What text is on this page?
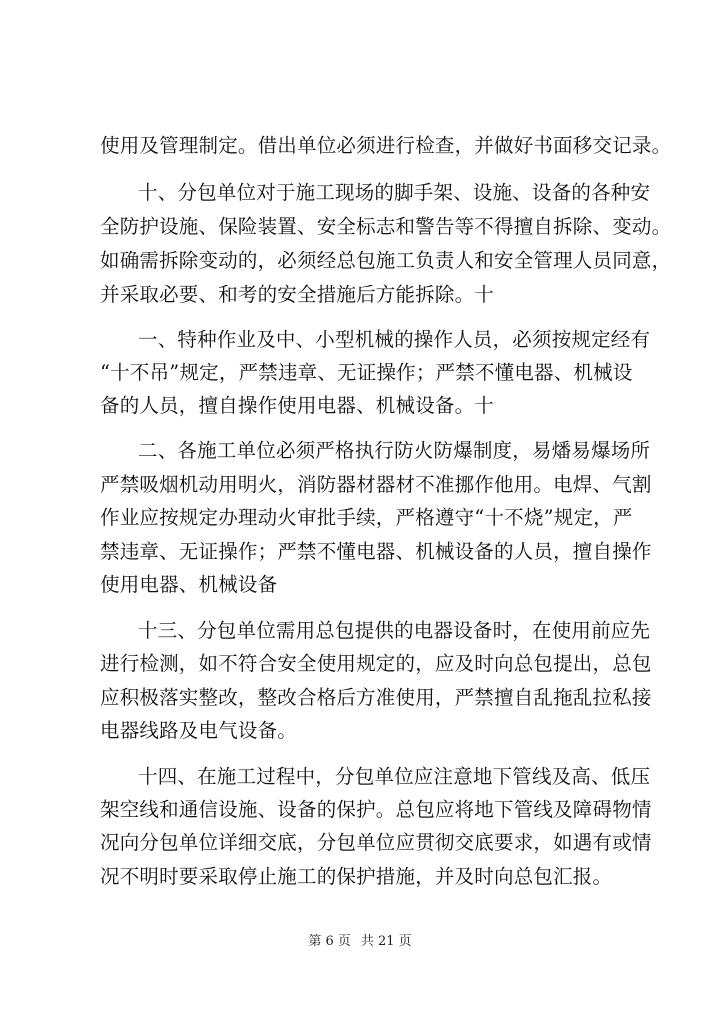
使用及管理制定。借出单位必须进行检查，并做好书面移交记录。

十、分包单位对于施工现场的脚手架、设施、设备的各种安

全防护设施、保险装置、安全标志和警告等不得擅自拆除、变动。

如确需拆除变动的，必须经总包施工负责人和安全管理人员同意，

并采取必要、和考的安全措施后方能拆除。十

一、特种作业及中、小型机械的操作人员，必须按规定经有

“十不吊”规定，严禁违章、无证操作；严禁不懂电器、机械设

备的人员，擅自操作使用电器、机械设备。十

二、各施工单位必须严格执行防火防爆制度，易燔易爆场所

严禁吸烟机动用明火，消防器材器材不准挪作他用。电焊、气割

作业应按规定办理动火审批手续，严格遵守“十不烧”规定，严

禁违章、无证操作；严禁不懂电器、机械设备的人员，擅自操作

使用电器、机械设备

十三、分包单位需用总包提供的电器设备时，在使用前应先

进行检测，如不符合安全使用规定的，应及时向总包提出，总包

应积极落实整改，整改合格后方准使用，严禁擅自乱拖乱拉私接

电器线路及电气设备。

十四、在施工过程中，分包单位应注意地下管线及高、低压

架空线和通信设施、设备的保护。总包应将地下管线及障碍物情

况向分包单位详细交底，分包单位应贯彻交底要求，如遇有或情

况不明时要采取停止施工的保护措施，并及时向总包汇报。

第 6 页 共 21 页
